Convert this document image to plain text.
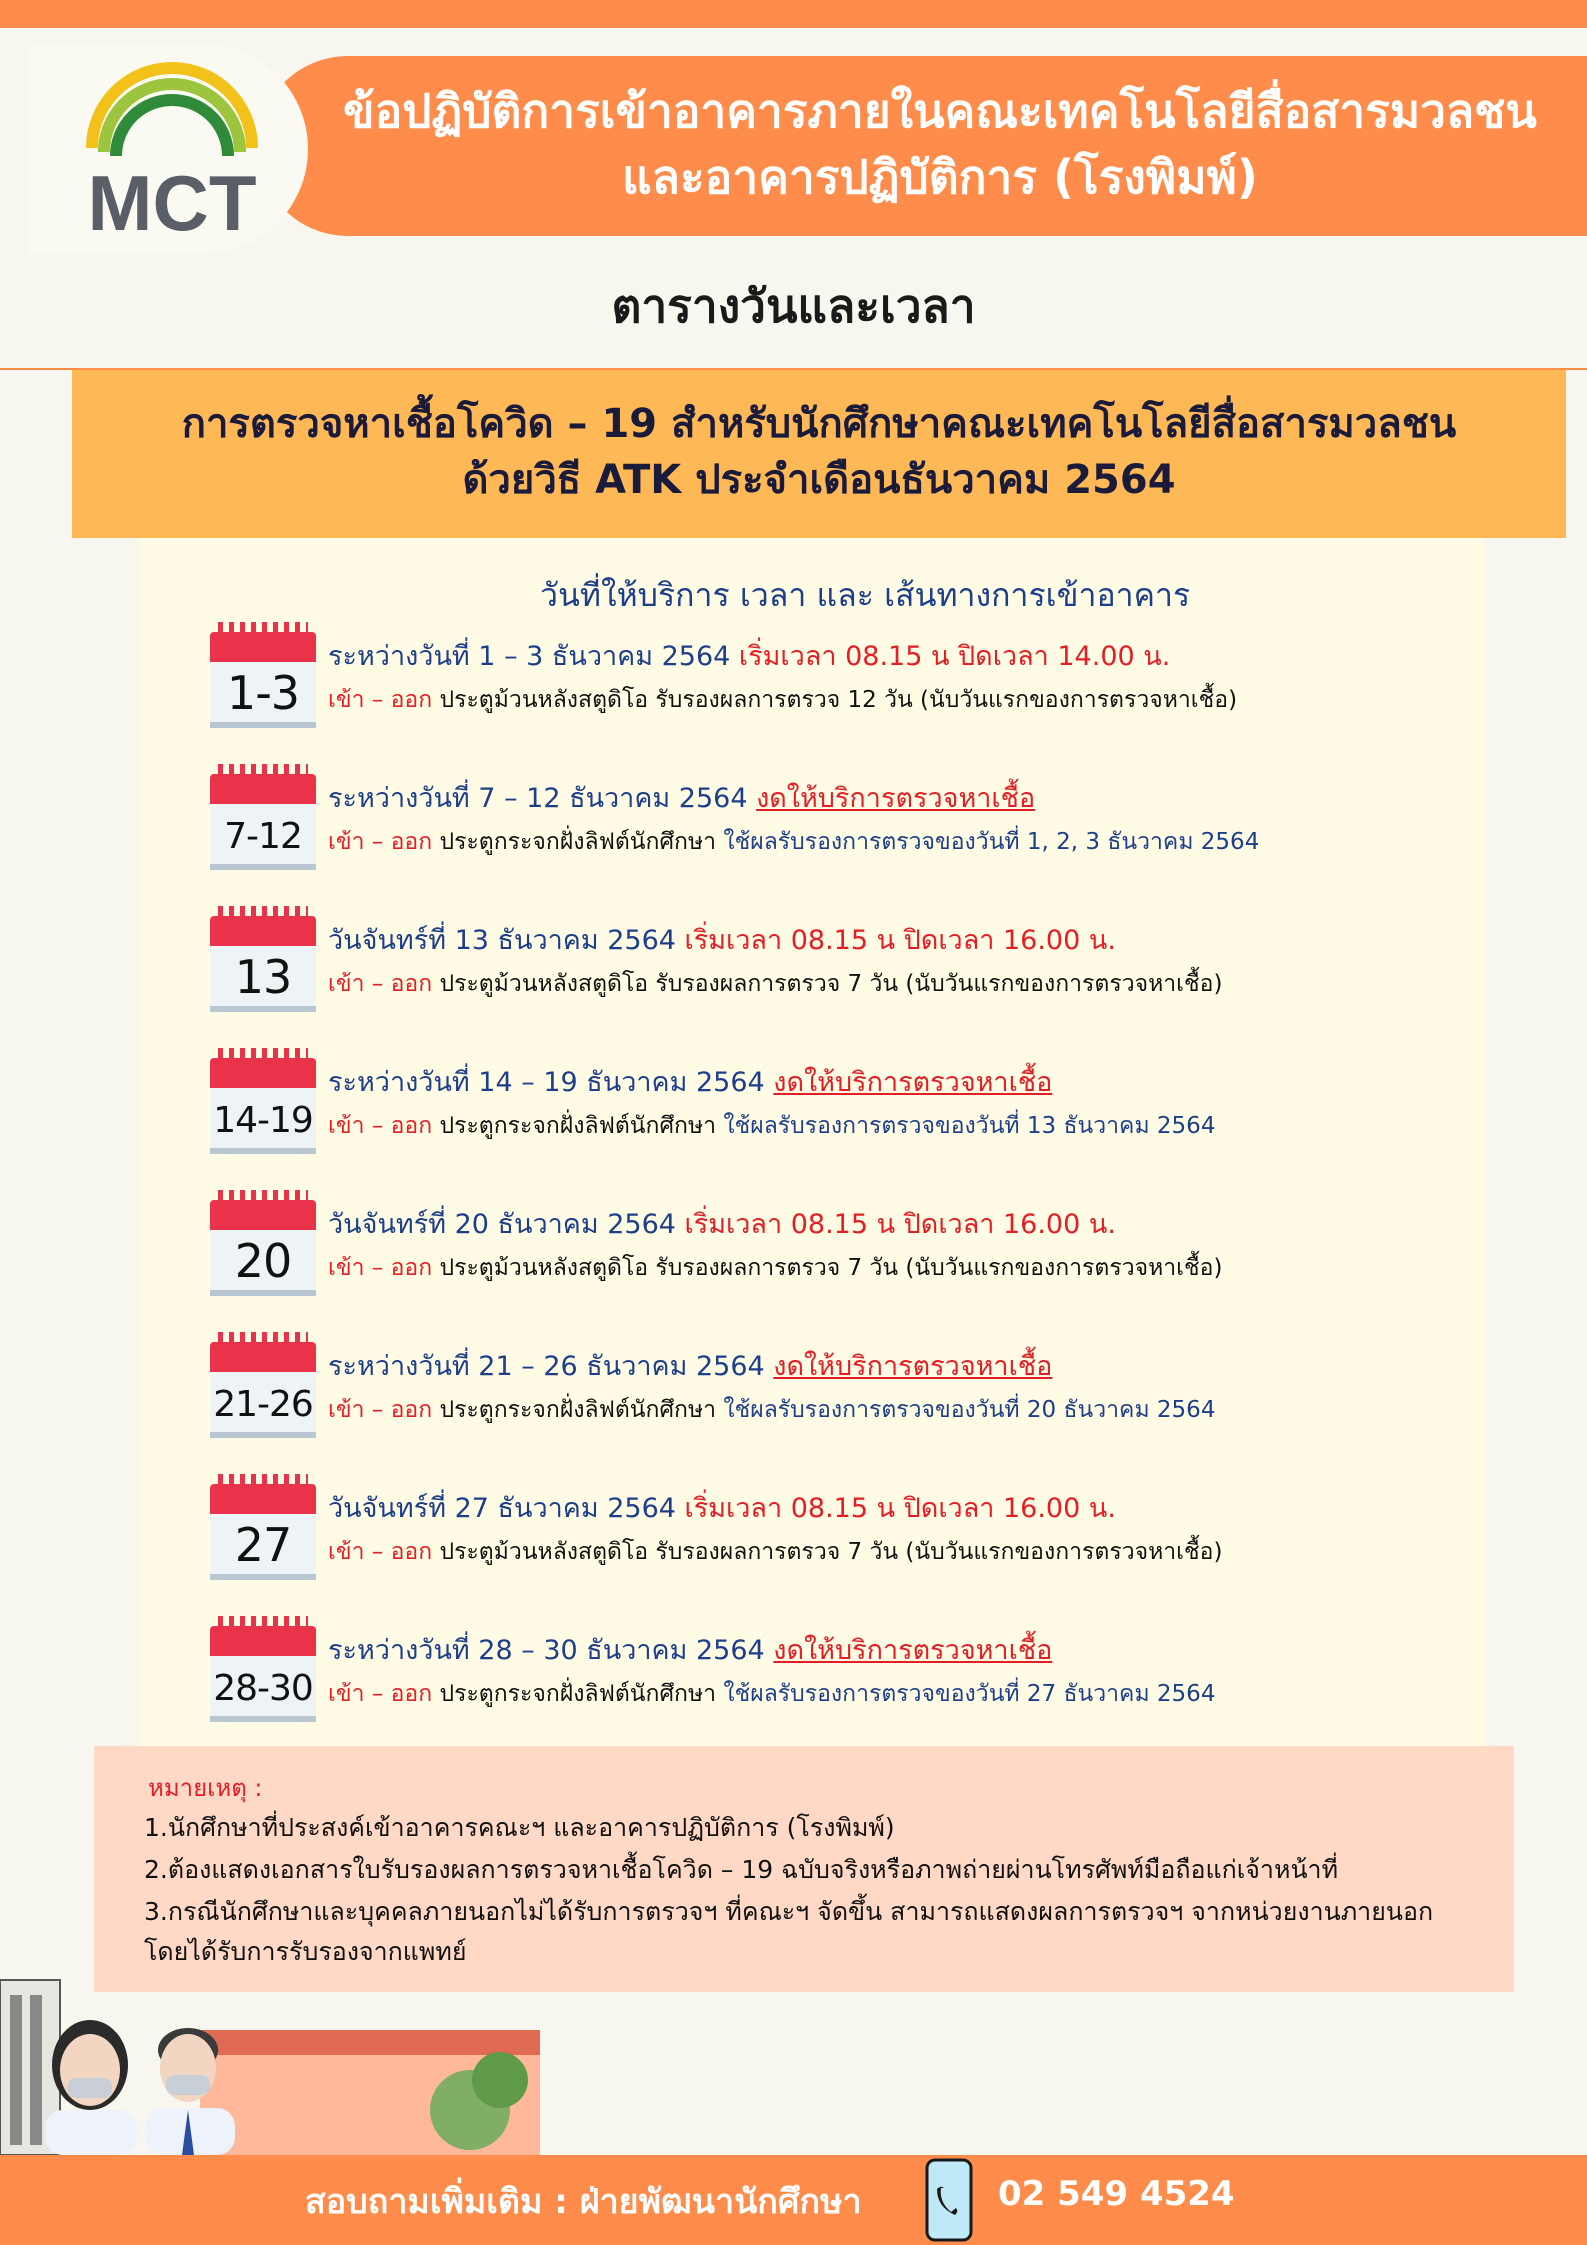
MCT
ข้อปฏิบัติการเข้าอาคารภายในคณะเทคโนโลยีสื่อสารมวลชน
และอาคารปฏิบัติการ (โรงพิมพ์)
ตารางวันและเวลา
การตรวจหาเชื้อโควิด – 19 สำหรับนักศึกษาคณะเทคโนโลยีสื่อสารมวลชน
ด้วยวิธี ATK ประจำเดือนธันวาคม 2564
วันที่ให้บริการ เวลา และ เส้นทางการเข้าอาคาร
1-3
ระหว่างวันที่ 1 – 3 ธันวาคม 2564 เริ่มเวลา 08.15 น ปิดเวลา 14.00 น.
เข้า – ออก ประตูม้วนหลังสตูดิโอ รับรองผลการตรวจ 12 วัน (นับวันแรกของการตรวจหาเชื้อ)
7-12
ระหว่างวันที่ 7 – 12 ธันวาคม 2564 งดให้บริการตรวจหาเชื้อ
เข้า – ออก ประตูกระจกฝั่งลิฟต์นักศึกษา ใช้ผลรับรองการตรวจของวันที่ 1, 2, 3 ธันวาคม 2564
13
วันจันทร์ที่ 13 ธันวาคม 2564 เริ่มเวลา 08.15 น ปิดเวลา 16.00 น.
เข้า – ออก ประตูม้วนหลังสตูดิโอ รับรองผลการตรวจ 7 วัน (นับวันแรกของการตรวจหาเชื้อ)
14-19
ระหว่างวันที่ 14 – 19 ธันวาคม 2564 งดให้บริการตรวจหาเชื้อ
เข้า – ออก ประตูกระจกฝั่งลิฟต์นักศึกษา ใช้ผลรับรองการตรวจของวันที่ 13 ธันวาคม 2564
20
วันจันทร์ที่ 20 ธันวาคม 2564 เริ่มเวลา 08.15 น ปิดเวลา 16.00 น.
เข้า – ออก ประตูม้วนหลังสตูดิโอ รับรองผลการตรวจ 7 วัน (นับวันแรกของการตรวจหาเชื้อ)
21-26
ระหว่างวันที่ 21 – 26 ธันวาคม 2564 งดให้บริการตรวจหาเชื้อ
เข้า – ออก ประตูกระจกฝั่งลิฟต์นักศึกษา ใช้ผลรับรองการตรวจของวันที่ 20 ธันวาคม 2564
27
วันจันทร์ที่ 27 ธันวาคม 2564 เริ่มเวลา 08.15 น ปิดเวลา 16.00 น.
เข้า – ออก ประตูม้วนหลังสตูดิโอ รับรองผลการตรวจ 7 วัน (นับวันแรกของการตรวจหาเชื้อ)
28-30
ระหว่างวันที่ 28 – 30 ธันวาคม 2564 งดให้บริการตรวจหาเชื้อ
เข้า – ออก ประตูกระจกฝั่งลิฟต์นักศึกษา ใช้ผลรับรองการตรวจของวันที่ 27 ธันวาคม 2564
หมายเหตุ :
1.นักศึกษาที่ประสงค์เข้าอาคารคณะฯ และอาคารปฏิบัติการ (โรงพิมพ์)
2.ต้องแสดงเอกสารใบรับรองผลการตรวจหาเชื้อโควิด – 19 ฉบับจริงหรือภาพถ่ายผ่านโทรศัพท์มือถือแก่เจ้าหน้าที่
3.กรณีนักศึกษาและบุคคลภายนอกไม่ได้รับการตรวจฯ ที่คณะฯ จัดขึ้น สามารถแสดงผลการตรวจฯ จากหน่วยงานภายนอก
โดยได้รับการรับรองจากแพทย์
สอบถามเพิ่มเติม : ฝ่ายพัฒนานักศึกษา	02 549 4524
